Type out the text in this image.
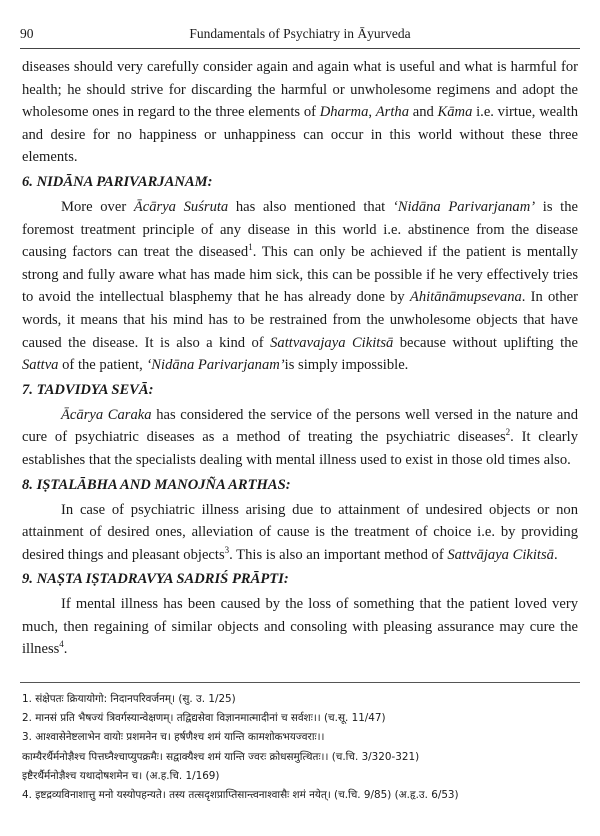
90	Fundamentals of Psychiatry in Āyurveda

diseases should very carefully consider again and again what is useful and what is harmful for health; he should strive for discarding the harmful or unwholesome regimens and adopt the wholesome ones in regard to the three elements of Dharma, Artha and Kāma i.e. virtue, wealth and desire for no happiness or unhappiness can occur in this world without these three elements.

6. NIDĀNA PARIVARJANAM:

More over Ācārya Suśruta has also mentioned that ‘Nidāna Parivarjanam’ is the foremost treatment principle of any disease in this world i.e. abstinence from the disease causing factors can treat the diseased$^1$. This can only be achieved if the patient is mentally strong and fully aware what has made him sick, this can be possible if he very effectively tries to avoid the intellectual blasphemy that he has already done by Ahitānāmupsevana. In other words, it means that his mind has to be restrained from the unwholesome objects that have caused the disease. It is also a kind of Sattvavajaya Cikitsā because without uplifting the Sattva of the patient, ‘Nidāna Parivarjanam’is simply impossible.

7. TADVIDYA SEVĀ:

Ācārya Caraka has considered the service of the persons well versed in the nature and cure of psychiatric diseases as a method of treating the psychiatric diseases$^2$. It clearly establishes that the specialists dealing with mental illness used to exist in those old times also.

8. IṢTALĀBHA AND MANOJÑA ARTHAS:

In case of psychiatric illness arising due to attainment of undesired objects or non attainment of desired ones, alleviation of cause is the treatment of choice i.e. by providing desired things and pleasant objects$^3$. This is also an important method of Sattvājaya Cikitsā.

9. NAṢTA IṢTADRAVYA SADRIŚ PRĀPTI:

If mental illness has been caused by the loss of something that the patient loved very much, then regaining of similar objects and consoling with pleasing assurance may cure the illness$^4$.

1. संक्षेपतः क्रियायोगो: निदानपरिवर्जनम्। (सु. उ. 1/25)
2. मानसं प्रति भैषज्यं त्रिवर्गस्यान्वेक्षणम्। तद्विद्यसेवा विज्ञानमात्मादीनां च सर्वशः।। (च.सू. 11/47)
3. आश्वासेनेष्टलाभेन वायोः प्रशमनेन च। हर्षणैश्च शमं यान्ति कामशोकभयज्वराः।।
काम्यैरर्थैर्मनोज्ञैश्च पित्तघ्नैश्चाप्युपक्रमैः। सद्वाक्यैश्च शमं यान्ति ज्वरः क्रोधसमुत्थितः।। (च.चि. 3/320-321)
इष्टैरर्थैर्मनोज्ञैश्च यथादोषशमेन च। (अ.ह.चि. 1/169)
4. इष्टद्रव्यविनाशात्तु मनो यस्योपहन्यते। तस्य तत्सदृशप्राप्तिसान्त्वनाश्वासैः शमं नयेत्। (च.चि. 9/85) (अ.हृ.उ. 6/53)
